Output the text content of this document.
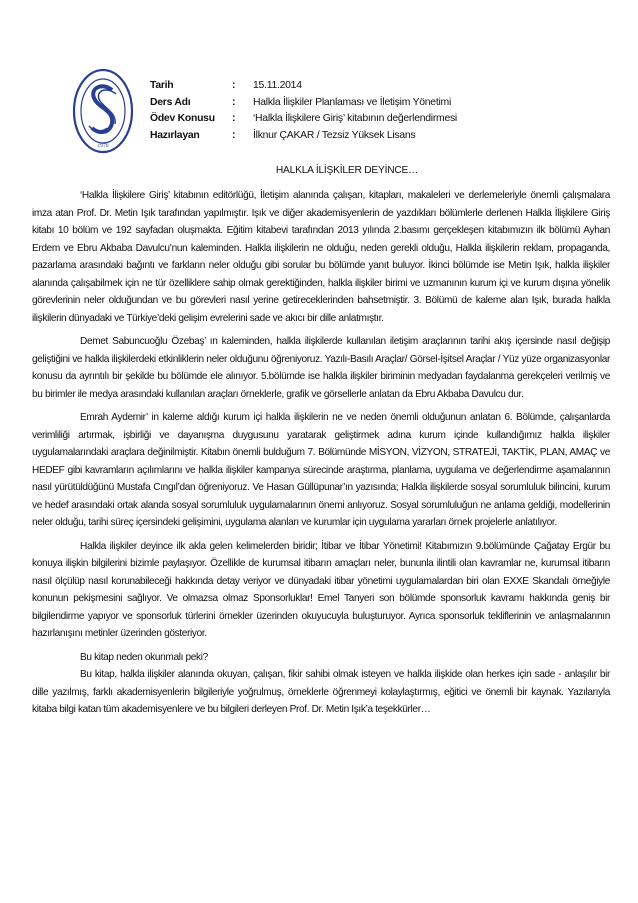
1970
Tarih	:	15.11.2014
Ders Adı	:	Halkla İlişkiler Planlaması ve İletişim Yönetimi
Ödev Konusu	:	‘Halkla İlişkilere Giriş’ kitabının değerlendirmesi
Hazırlayan	:	İlknur ÇAKAR / Tezsiz Yüksek Lisans
HALKLA İLİŞKİLER DEYİNCE…

‘Halkla İlişkilere Giriş’ kitabının editörlüğü, İletişim alanında çalışan, kitapları, makaleleri ve derlemeleriyle önemli çalışmalara imza atan Prof. Dr. Metin Işık tarafından yapılmıştır. Işık ve diğer akademisyenlerin de yazdıkları bölümlerle derlenen Halkla İlişkilere Giriş kitabı 10 bölüm ve 192 sayfadan oluşmakta. Eğitim kitabevi tarafından 2013 yılında 2.basımı gerçekleşen kitabımızın ilk bölümü Ayhan Erdem ve Ebru Akbaba Davulcu’nun kaleminden. Halkla ilişkilerin ne olduğu, neden gerekli olduğu, Halkla ilişkilerin reklam, propaganda, pazarlama arasındaki bağıntı ve farkların neler olduğu gibi sorular bu bölümde yanıt buluyor. İkinci bölümde ise Metin Işık, halkla ilişkiler alanında çalışabilmek için ne tür özelliklere sahip olmak gerektiğinden, halkla ilişkiler birimi ve uzmanının kurum içi ve kurum dışına yönelik görevlerinin neler olduğundan ve bu görevleri nasıl yerine getireceklerinden bahsetmiştir. 3. Bölümü de kaleme alan Işık, burada halkla ilişkilerin dünyadaki ve Türkiye’deki gelişim evrelerini sade ve akıcı bir dille anlatmıştır.

Demet Sabuncuoğlu Özebaş’ ın kaleminden, halkla ilişkilerde kullanılan iletişim araçlarının tarihi akış içersinde nasıl değişip geliştiğini ve halkla ilişkilerdeki etkinliklerin neler olduğunu öğreniyoruz. Yazılı-Basılı Araçlar/ Görsel-İşitsel Araçlar / Yüz yüze organizasyonlar konusu da ayrıntılı bir şekilde bu bölümde ele alınıyor. 5.bölümde ise halkla ilişkiler biriminin medyadan faydalanma gerekçeleri verilmiş ve bu birimler ile medya arasındaki kullanılan araçları örneklerle, grafik ve görsellerle anlatan da Ebru Akbaba Davulcu dur.

Emrah Aydemir’ in kaleme aldığı kurum içi halkla ilişkilerin ne ve neden önemli olduğunun anlatan 6. Bölümde, çalışanlarda verimliliği artırmak, işbirliği ve dayanışma duygusunu yaratarak geliştirmek adına kurum içinde kullandığımız halkla ilişkiler uygulamalarındaki araçlara değinilmiştir. Kitabın önemli bulduğum 7. Bölümünde MİSYON, VİZYON, STRATEJİ, TAKTİK, PLAN, AMAÇ ve HEDEF gibi kavramların açılımlarını ve halkla ilişkiler kampanya sürecinde araştırma, planlama, uygulama ve değerlendirme aşamalarının nasıl yürütüldüğünü Mustafa Cıngıl’dan öğreniyoruz. Ve Hasan Güllüpunar’ın yazısında; Halkla ilişkilerde sosyal sorumluluk bilincini, kurum ve hedef arasındaki ortak alanda sosyal sorumluluk uygulamalarının önemi anlıyoruz. Sosyal sorumluluğun ne anlama geldiği, modellerinin neler olduğu, tarihi süreç içersindeki gelişimini, uygulama alanları ve kurumlar için uygulama yararları örnek projelerle anlatılıyor.

Halkla ilişkiler deyince ilk akla gelen kelimelerden biridir; İtibar ve İtibar Yönetimi! Kitabımızın 9.bölümünde Çağatay Ergür bu konuya ilişkin bilgilerini bizimle paylaşıyor. Özellikle de kurumsal itibarın amaçları neler, bununla ilintili olan kavramlar ne, kurumsal itibarın nasıl ölçülüp nasıl korunabileceği hakkında detay veriyor ve dünyadaki itibar yönetimi uygulamalardan biri olan EXXE Skandalı örneğiyle konunun pekişmesini sağlıyor. Ve olmazsa olmaz Sponsorluklar! Emel Tanyeri son bölümde sponsorluk kavramı hakkında geniş bir bilgilendirme yapıyor ve sponsorluk türlerini örnekler üzerinden okuyucuyla buluşturuyor. Ayrıca sponsorluk tekliflerinin ve anlaşmalarının hazırlanışını metinler üzerinden gösteriyor.

Bu kitap neden okunmalı peki?

Bu kitap, halkla ilişkiler alanında okuyan, çalışan, fikir sahibi olmak isteyen ve halkla ilişkide olan herkes için sade - anlaşılır bir dille yazılmış, farklı akademisyenlerin bilgileriyle yoğrulmuş, örneklerle öğrenmeyi kolaylaştırmış, eğitici ve önemli bir kaynak. Yazılarıyla kitaba bilgi katan tüm akademisyenlere ve bu bilgileri derleyen Prof. Dr. Metin Işık’a teşekkürler…
